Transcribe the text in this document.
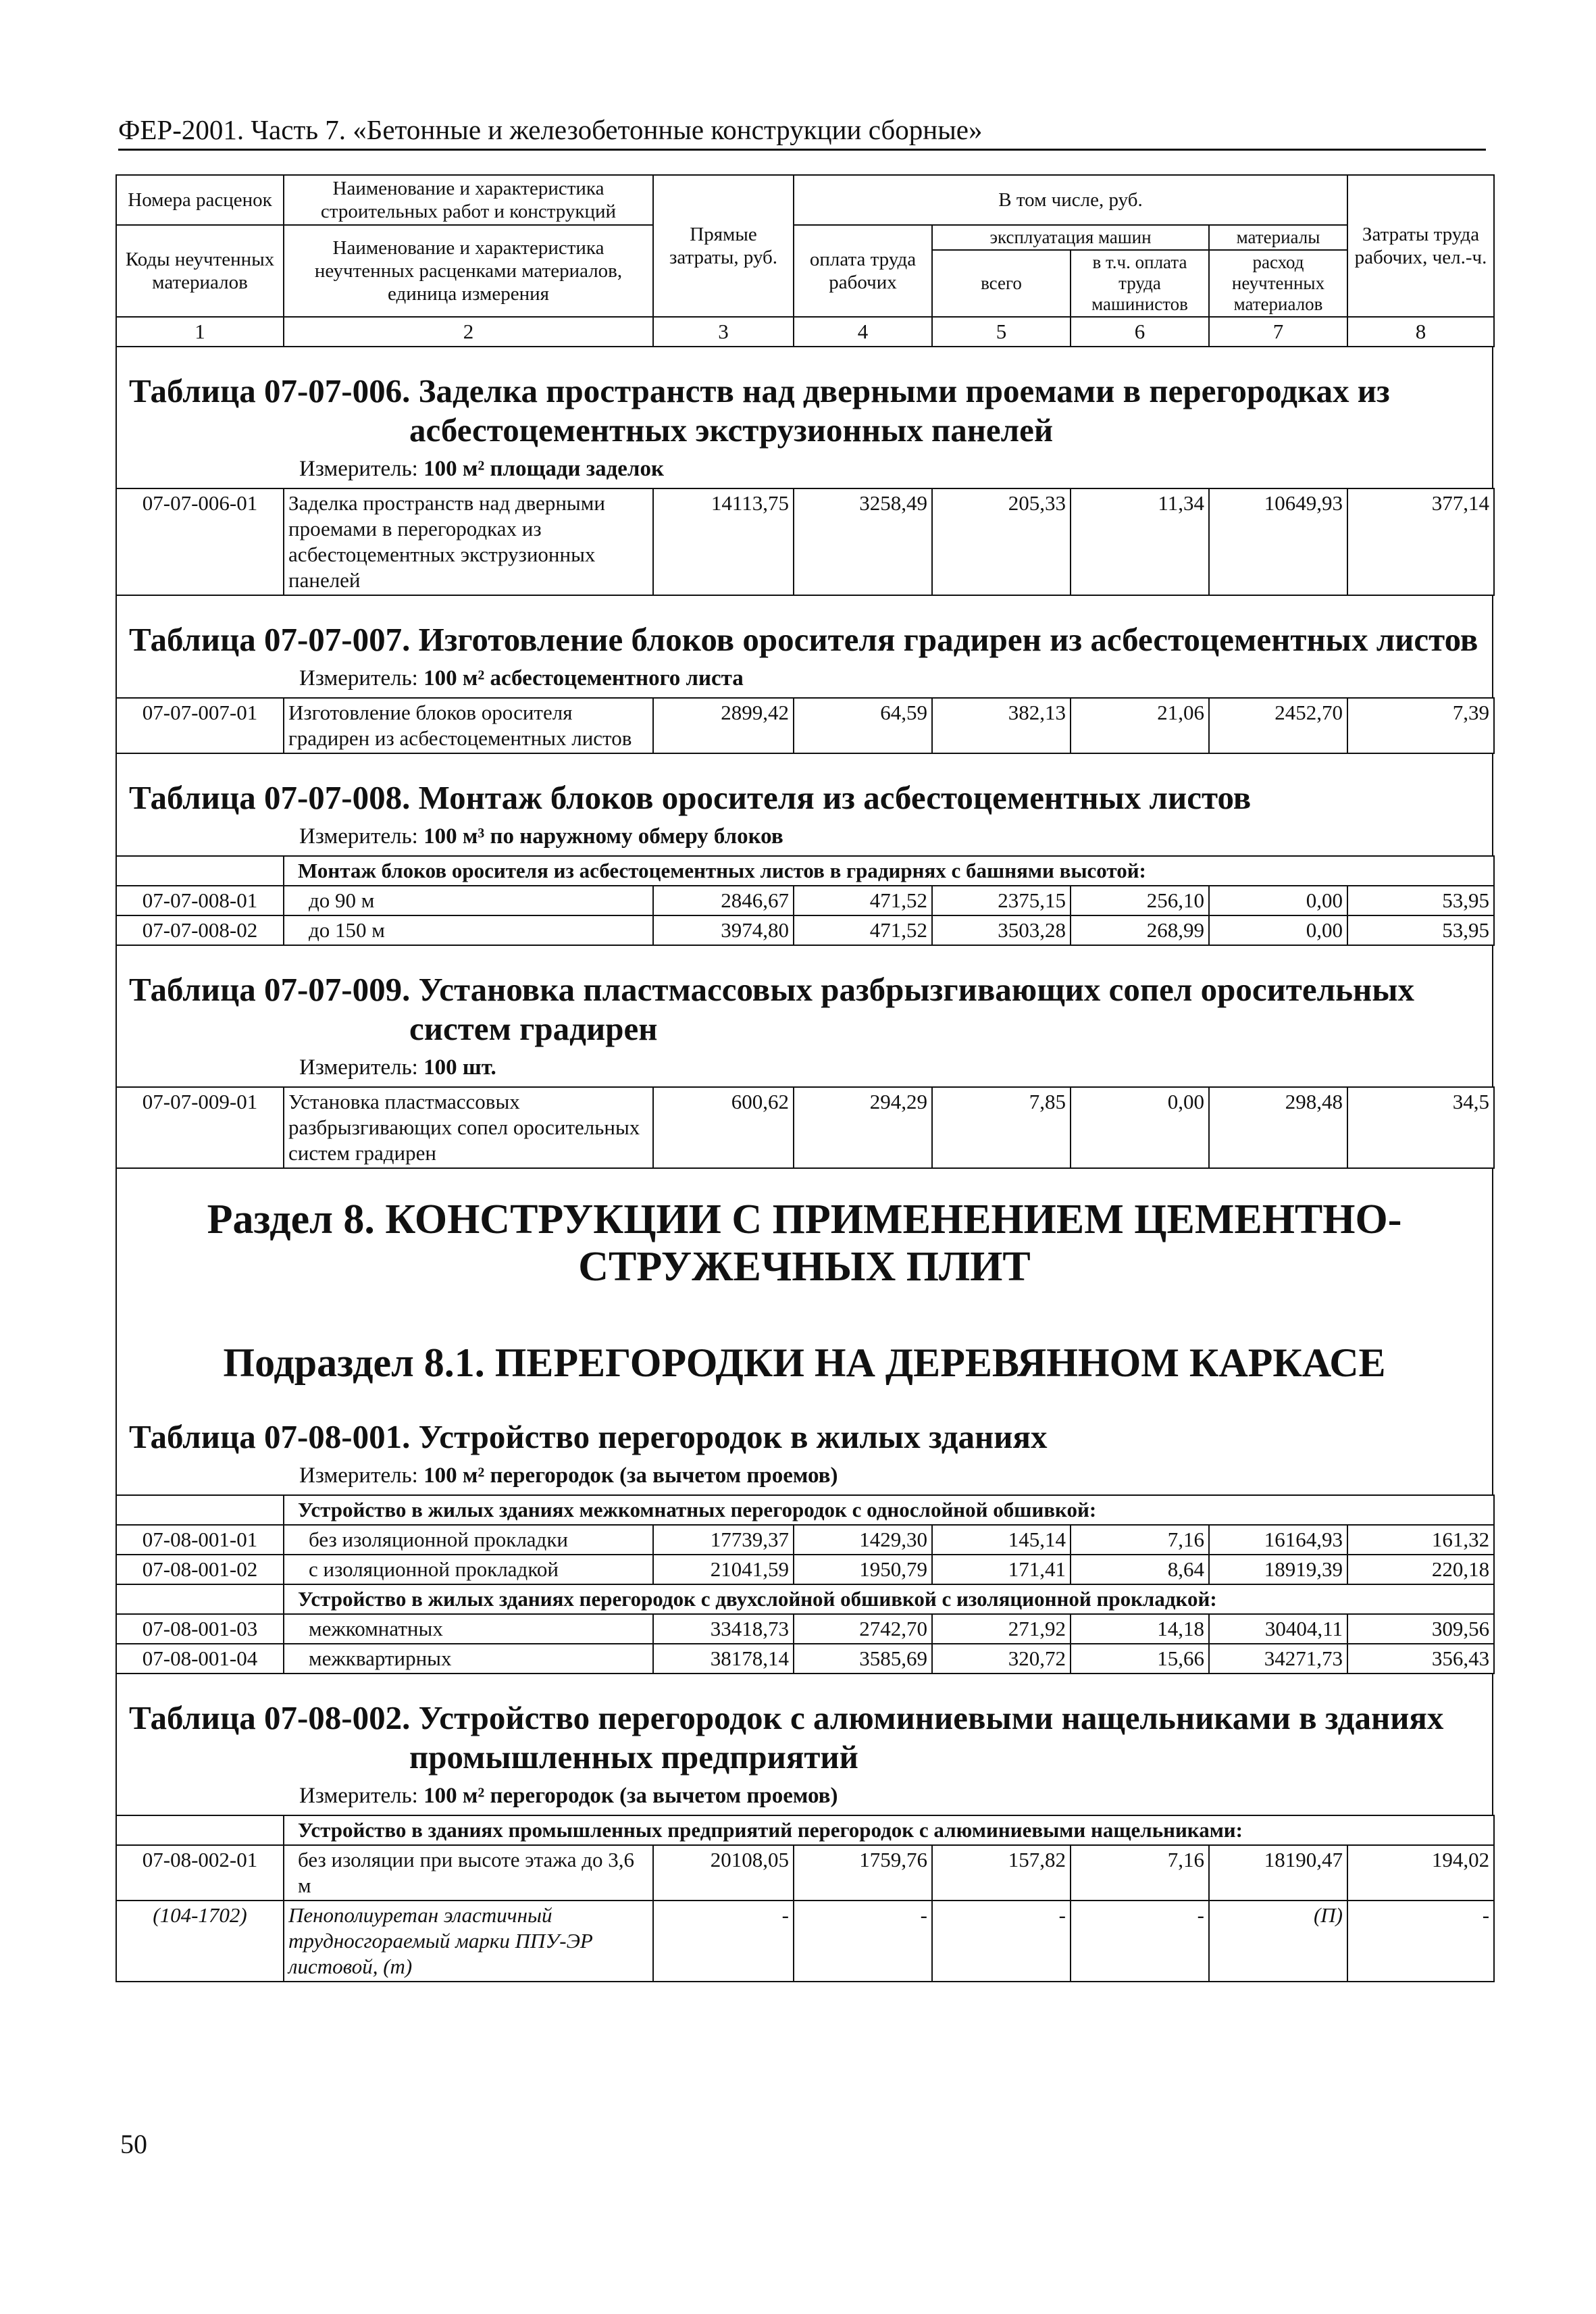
ФЕР-2001. Часть 7. «Бетонные и железобетонные конструкции сборные»
Номера расценок	Наименование и характеристика строительных работ и конструкций	Прямые затраты, руб.	В том числе, руб.				Затраты труда рабочих, чел.-ч.
Коды неучтенных материалов	Наименование и характеристика неучтенных расценками материалов, единица измерения		оплата труда рабочих	эксплуатация машин		материалы	
				всего	в т.ч. оплата труда машинистов	расход неучтенных материалов	
1	2	3	4	5	6	7	8
Таблица 07-07-006. Заделка пространств над дверными проемами в перегородках из
асбестоцементных экструзионных панелей
Измеритель: 100 м² площади заделок
07-07-006-01	Заделка пространств над дверными проемами в перегородках из асбестоцементных экструзионных панелей	14113,75	3258,49	205,33	11,34	10649,93	377,14
Таблица 07-07-007. Изготовление блоков оросителя градирен из асбестоцементных листов
Измеритель: 100 м² асбестоцементного листа
07-07-007-01	Изготовление блоков оросителя градирен из асбестоцементных листов	2899,42	64,59	382,13	21,06	2452,70	7,39
Таблица 07-07-008. Монтаж блоков оросителя из асбестоцементных листов
Измеритель: 100 м³ по наружному обмеру блоков
	Монтаж блоков оросителя из асбестоцементных листов в градирнях с башнями высотой:						
07-07-008-01	до 90 м	2846,67	471,52	2375,15	256,10	0,00	53,95
07-07-008-02	до 150 м	3974,80	471,52	3503,28	268,99	0,00	53,95
Таблица 07-07-009. Установка пластмассовых разбрызгивающих сопел оросительных
систем градирен
Измеритель: 100 шт.
07-07-009-01	Установка пластмассовых разбрызгивающих сопел оросительных систем градирен	600,62	294,29	7,85	0,00	298,48	34,5
Раздел 8. КОНСТРУКЦИИ С ПРИМЕНЕНИЕМ ЦЕМЕНТНО-
СТРУЖЕЧНЫХ ПЛИТ
Подраздел 8.1. ПЕРЕГОРОДКИ НА ДЕРЕВЯННОМ КАРКАСЕ
Таблица 07-08-001. Устройство перегородок в жилых зданиях
Измеритель: 100 м² перегородок (за вычетом проемов)
	Устройство в жилых зданиях межкомнатных перегородок с однослойной обшивкой:						
07-08-001-01	без изоляционной прокладки	17739,37	1429,30	145,14	7,16	16164,93	161,32
07-08-001-02	с изоляционной прокладкой	21041,59	1950,79	171,41	8,64	18919,39	220,18
	Устройство в жилых зданиях перегородок с двухслойной обшивкой с изоляционной прокладкой:						
07-08-001-03	межкомнатных	33418,73	2742,70	271,92	14,18	30404,11	309,56
07-08-001-04	межквартирных	38178,14	3585,69	320,72	15,66	34271,73	356,43
Таблица 07-08-002. Устройство перегородок с алюминиевыми нащельниками в зданиях
промышленных предприятий
Измеритель: 100 м² перегородок (за вычетом проемов)
	Устройство в зданиях промышленных предприятий перегородок с алюминиевыми нащельниками:						
07-08-002-01	без изоляции при высоте этажа до 3,6 м	20108,05	1759,76	157,82	7,16	18190,47	194,02
(104-1702)	Пенополиуретан эластичный трудносгораемый марки ППУ-ЭР листовой, (т)	-	-	-	-	(П)	-
50
